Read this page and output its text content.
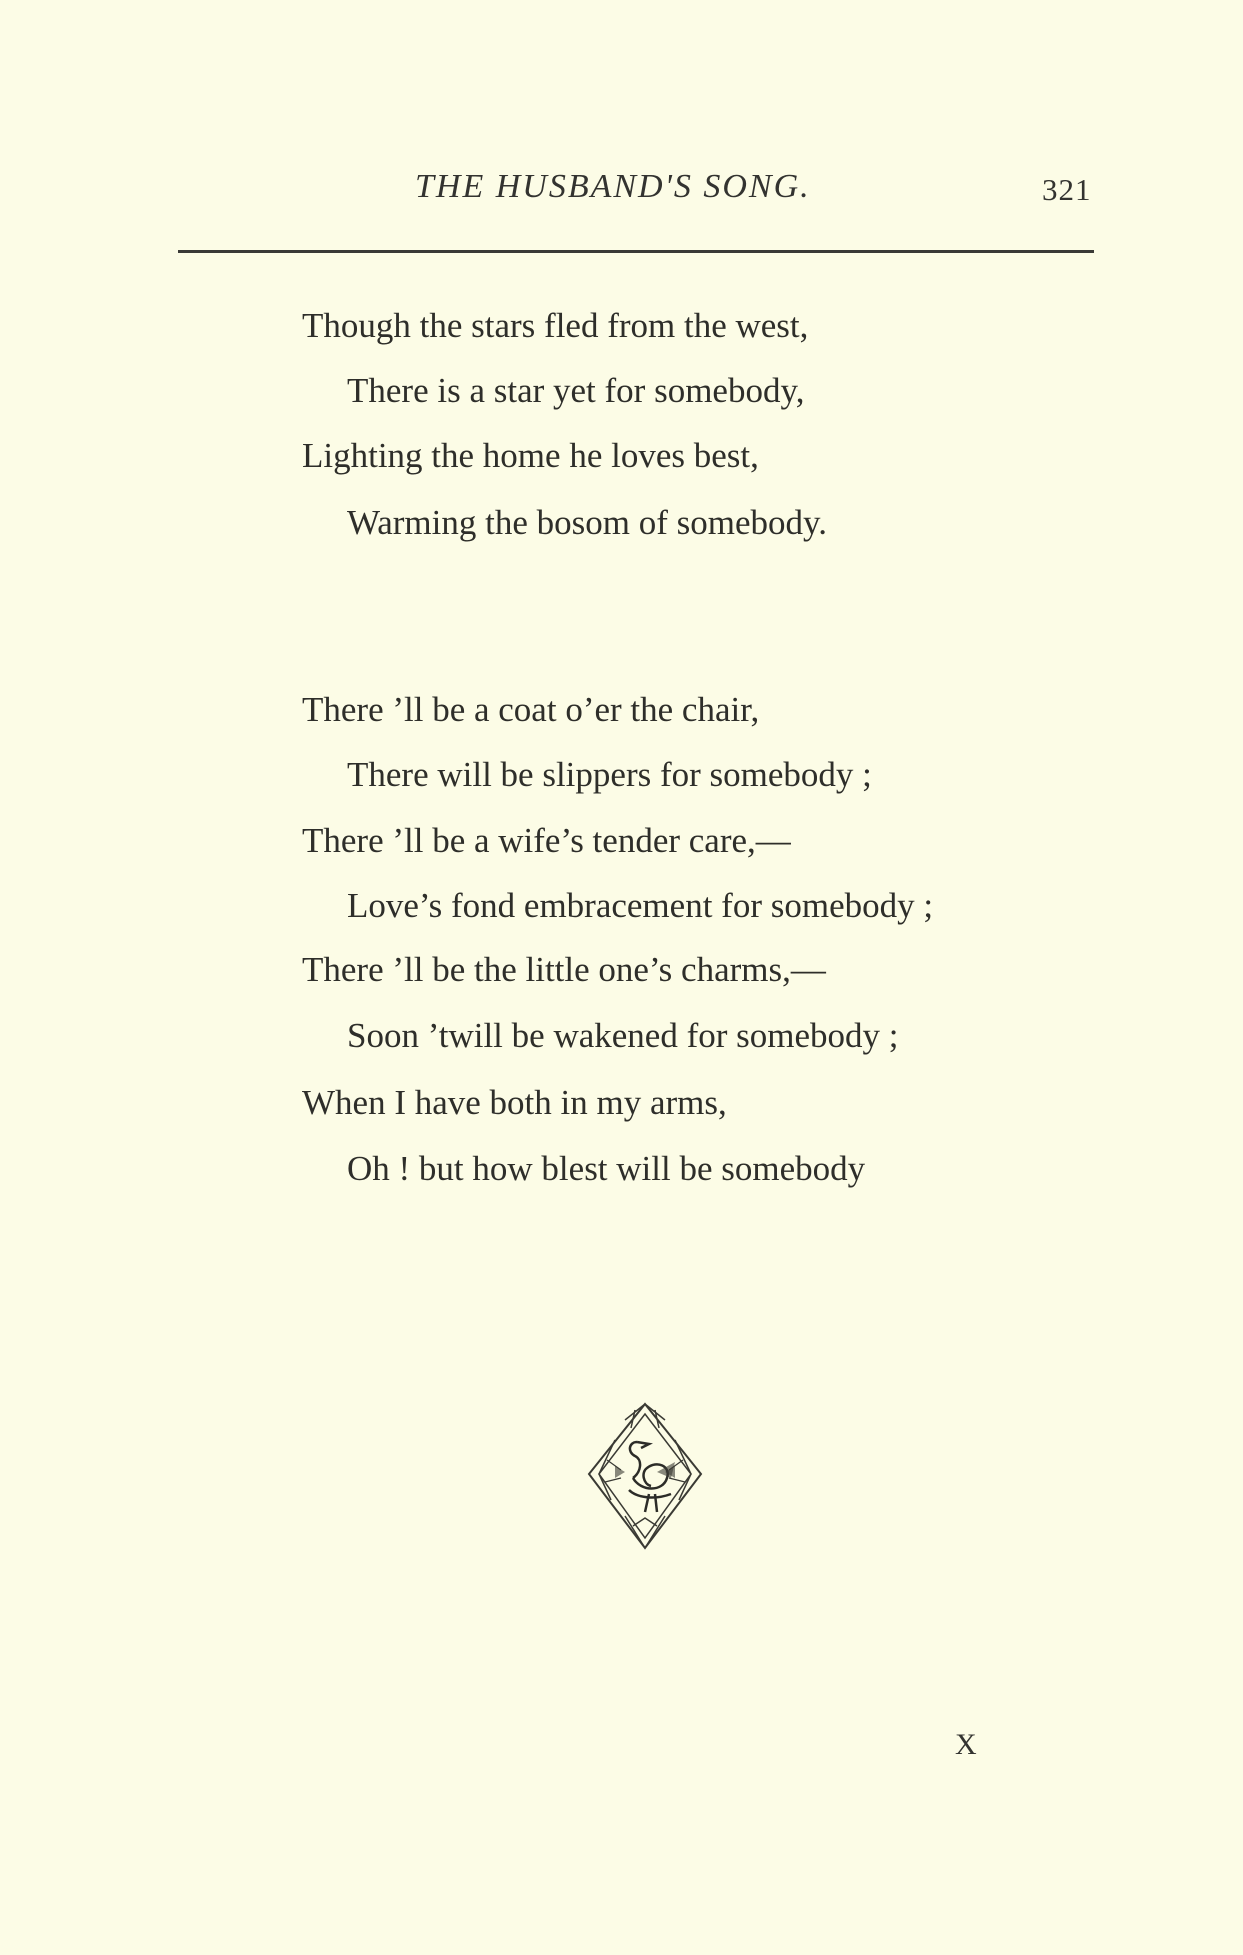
THE HUSBAND'S SONG.	321
Though the stars fled from the west,
There is a star yet for somebody,
Lighting the home he loves best,
Warming the bosom of somebody.
There ’ll be a coat o’er the chair,
There will be slippers for somebody ;
There ’ll be a wife’s tender care,—
Love’s fond embracement for somebody ;
There ’ll be the little one’s charms,—
Soon ’twill be wakened for somebody ;
When I have both in my arms,
Oh ! but how blest will be somebody
X
